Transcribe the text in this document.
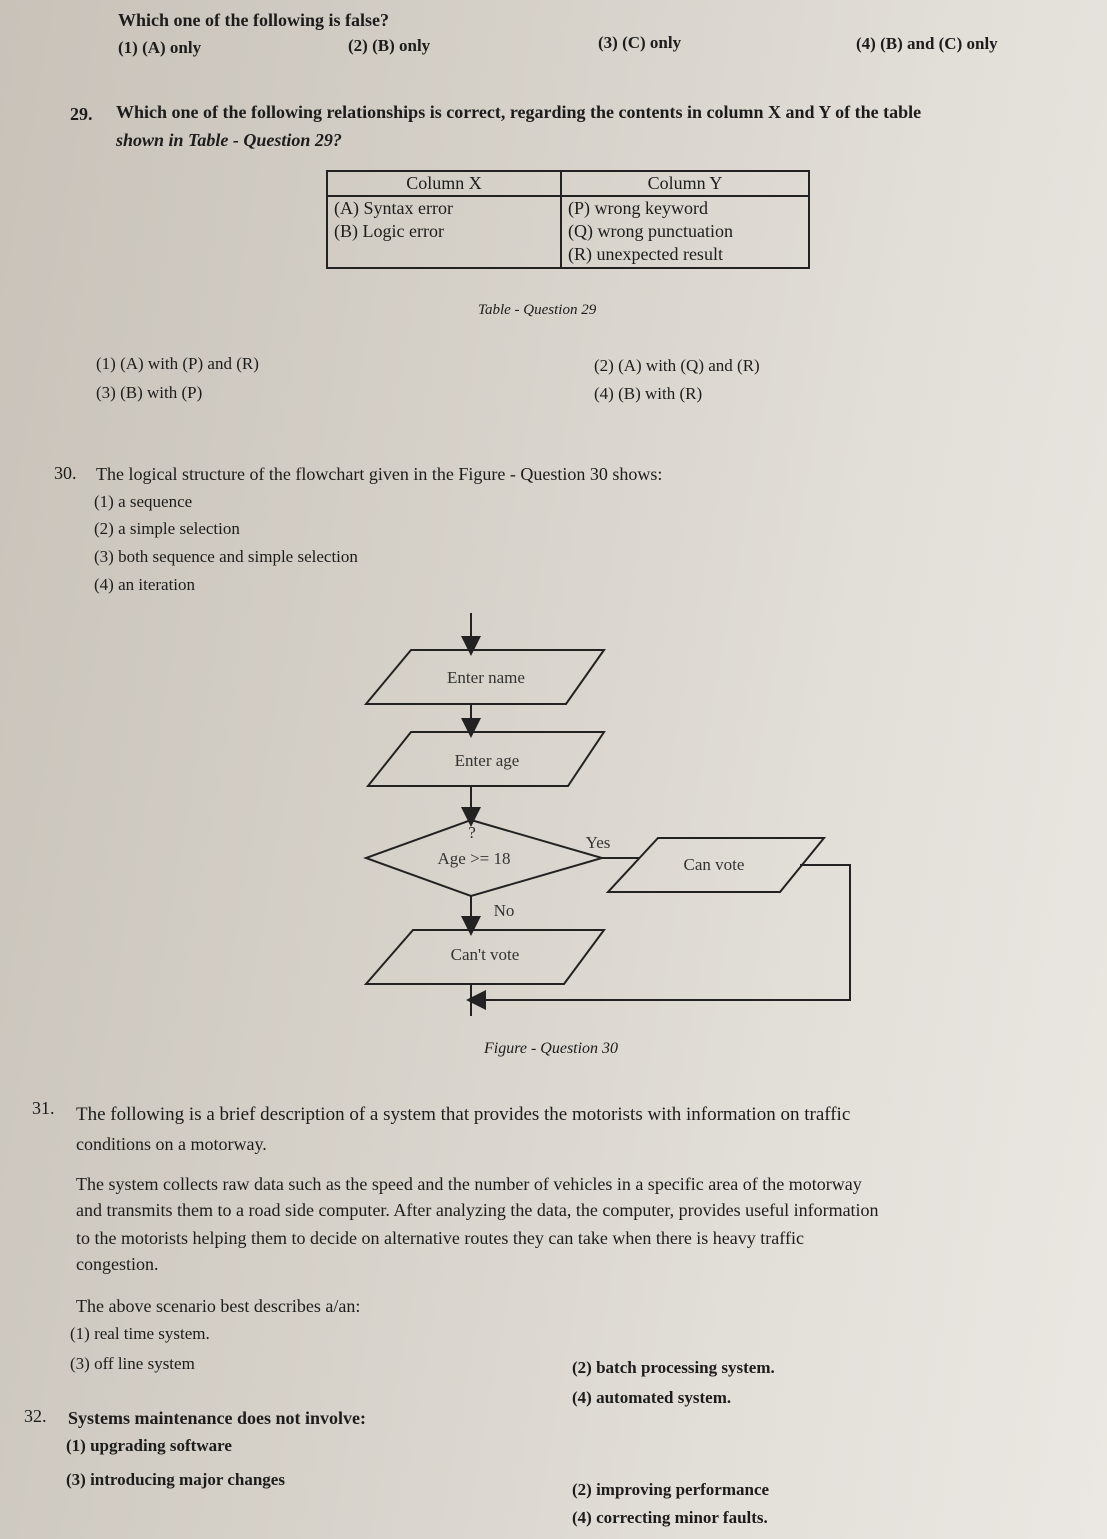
Which one of the following is false?
(1) (A) only	(2) (B) only	(3) (C) only	(4) (B) and (C) only
29. Which one of the following relationships is correct, regarding the contents in column X and Y of the table
shown in Table - Question 29?
Column X	Column Y
(A) Syntax error	(P) wrong keyword
(B) Logic error	(Q) wrong punctuation
	(R) unexpected result
Table - Question 29
(1) (A) with (P) and (R)	(2) (A) with (Q) and (R)
(3) (B) with (P)	(4) (B) with (R)
30. The logical structure of the flowchart given in the Figure - Question 30 shows:
(1) a sequence
(2) a simple selection
(3) both sequence and simple selection
(4) an iteration
Enter name
Enter age
?
Age >= 18
Yes
No
Can vote
Can't vote
Figure - Question 30
31. The following is a brief description of a system that provides the motorists with information on traffic
conditions on a motorway.
The system collects raw data such as the speed and the number of vehicles in a specific area of the motorway
and transmits them to a road side computer. After analyzing the data, the computer, provides useful information
to the motorists helping them to decide on alternative routes they can take when there is heavy traffic
congestion.
The above scenario best describes a/an:
(1) real time system.
(2) batch processing system.
(3) off line system
(4) automated system.
32. Systems maintenance does not involve:
(1) upgrading software
(2) improving performance
(3) introducing major changes
(4) correcting minor faults.
